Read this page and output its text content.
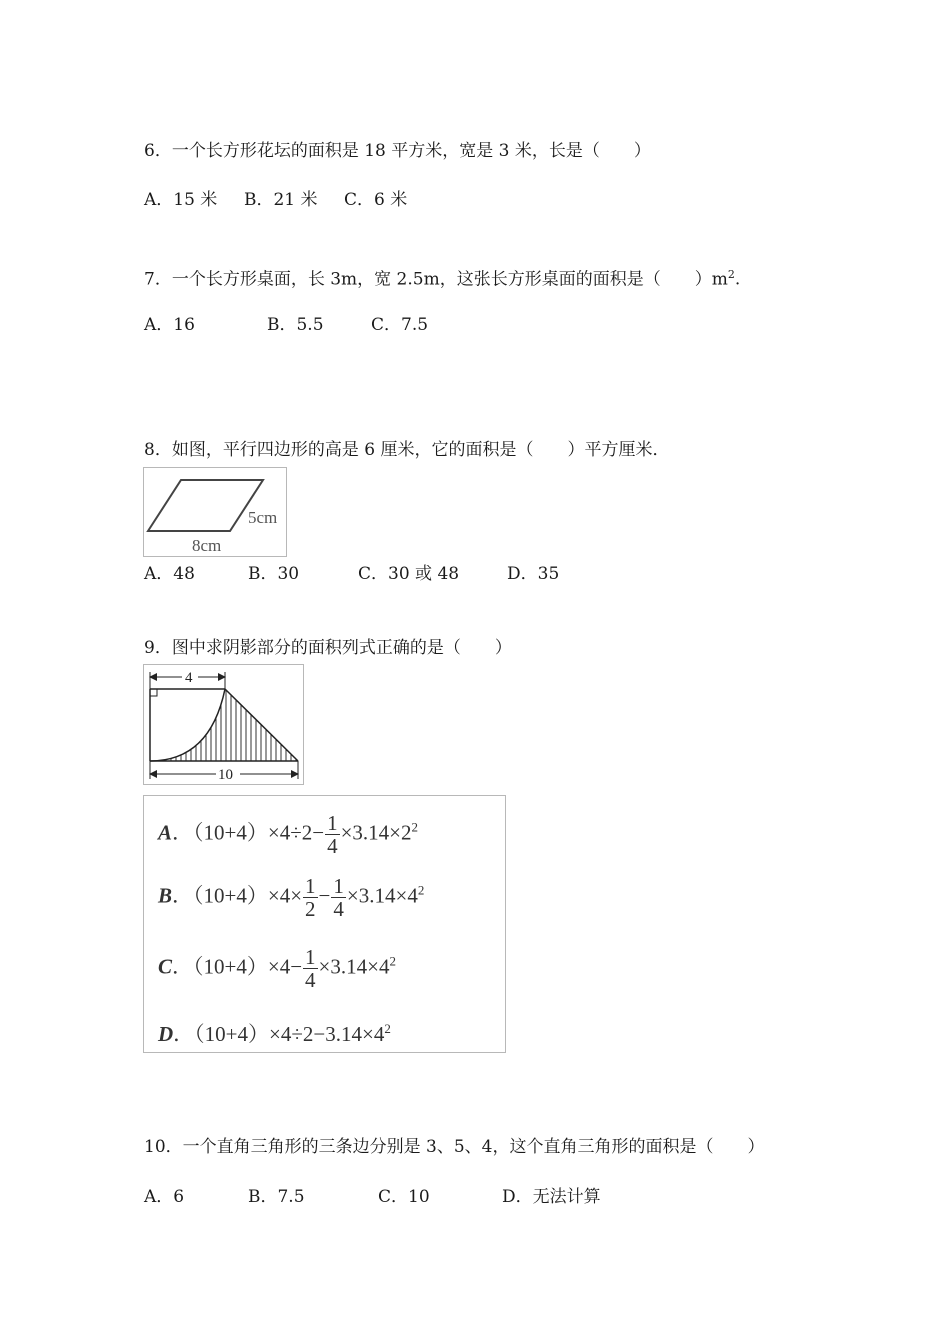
6．一个长方形花坛的面积是 18 平方米，宽是 3 米，长是（　　）
A．15 米 B．21 米 C．6 米
7．一个长方形桌面，长 3m，宽 2.5m，这张长方形桌面的面积是（　　）$m^2$.
A．16	B．5.5	C．7.5
8．如图，平行四边形的高是 6 厘米，它的面积是（　　）平方厘米．
5cm
8cm
A．48	B．30	C．30 或 48	D．35
9．图中求阴影部分的面积列式正确的是（　　）
4
10
A．$(10+4)\times 4\div 2- \frac{1}{4} \times 3.14\times 2^2$
B．$(10+4)\times 4\times \frac{1}{2} - \frac{1}{4} \times 3.14\times 4^2$
C．$(10+4)\times 4- \frac{1}{4} \times 3.14\times 4^2$
D．$(10+4)\times 4\div 2-3.14\times 4^2$
10．一个直角三角形的三条边分别是 3、5、4，这个直角三角形的面积是（　　）
A．6	B．7.5	C．10	D．无法计算
